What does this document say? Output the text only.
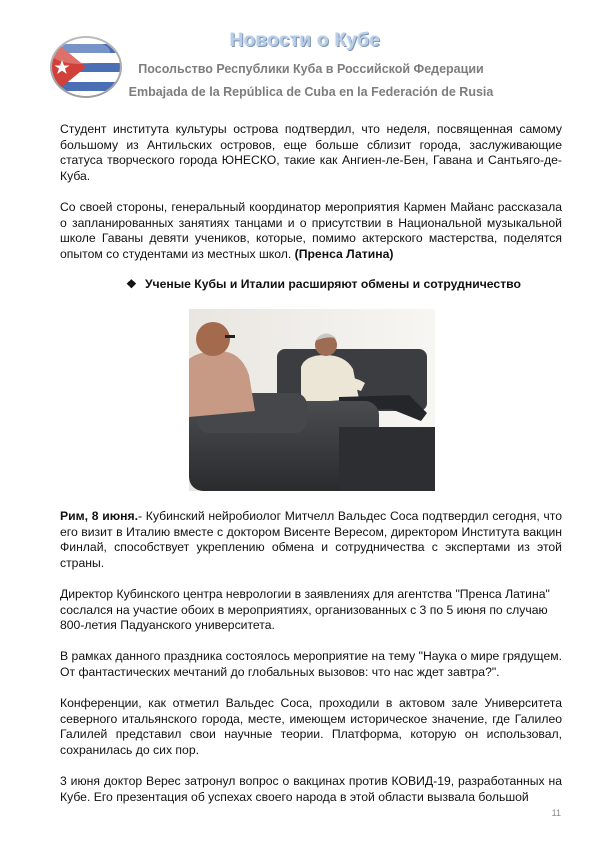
Новости о Кубе
Посольство Республики Куба в Российской Федерации
Embajada de la República de Cuba en la Federación de Rusia

Студент института культуры острова подтвердил, что неделя, посвященная самому большому из Антильских островов, еще больше сблизит города, заслуживающие статуса творческого города ЮНЕСКО, такие как Ангиен-ле-Бен, Гавана и Сантьяго-де-Куба.

Со своей стороны, генеральный координатор мероприятия Кармен Майанс рассказала о запланированных занятиях танцами и о присутствии в Национальной музыкальной школе Гаваны девяти учеников, которые, помимо актерского мастерства, поделятся опытом со студентами из местных школ. (Пренса Латина)

❖ Ученые Кубы и Италии расширяют обмены и сотрудничество

Рим, 8 июня.- Кубинский нейробиолог Митчелл Вальдес Соса подтвердил сегодня, что его визит в Италию вместе с доктором Висенте Вересом, директором Института вакцин Финлай, способствует укреплению обмена и сотрудничества с экспертами из этой страны.

Директор Кубинского центра неврологии в заявлениях для агентства "Пренса Латина" сослался на участие обоих в мероприятиях, организованных с 3 по 5 июня по случаю 800-летия Падуанского университета.

В рамках данного праздника состоялось мероприятие на тему "Наука о мире грядущем. От фантастических мечтаний до глобальных вызовов: что нас ждет завтра?".

Конференции, как отметил Вальдес Соса, проходили в актовом зале Университета северного итальянского города, месте, имеющем историческое значение, где Галилео Галилей представил свои научные теории. Платформа, которую он использовал, сохранилась до сих пор.

3 июня доктор Верес затронул вопрос о вакцинах против КОВИД-19, разработанных на Кубе. Его презентация об успехах своего народа в этой области вызвала большой

11
